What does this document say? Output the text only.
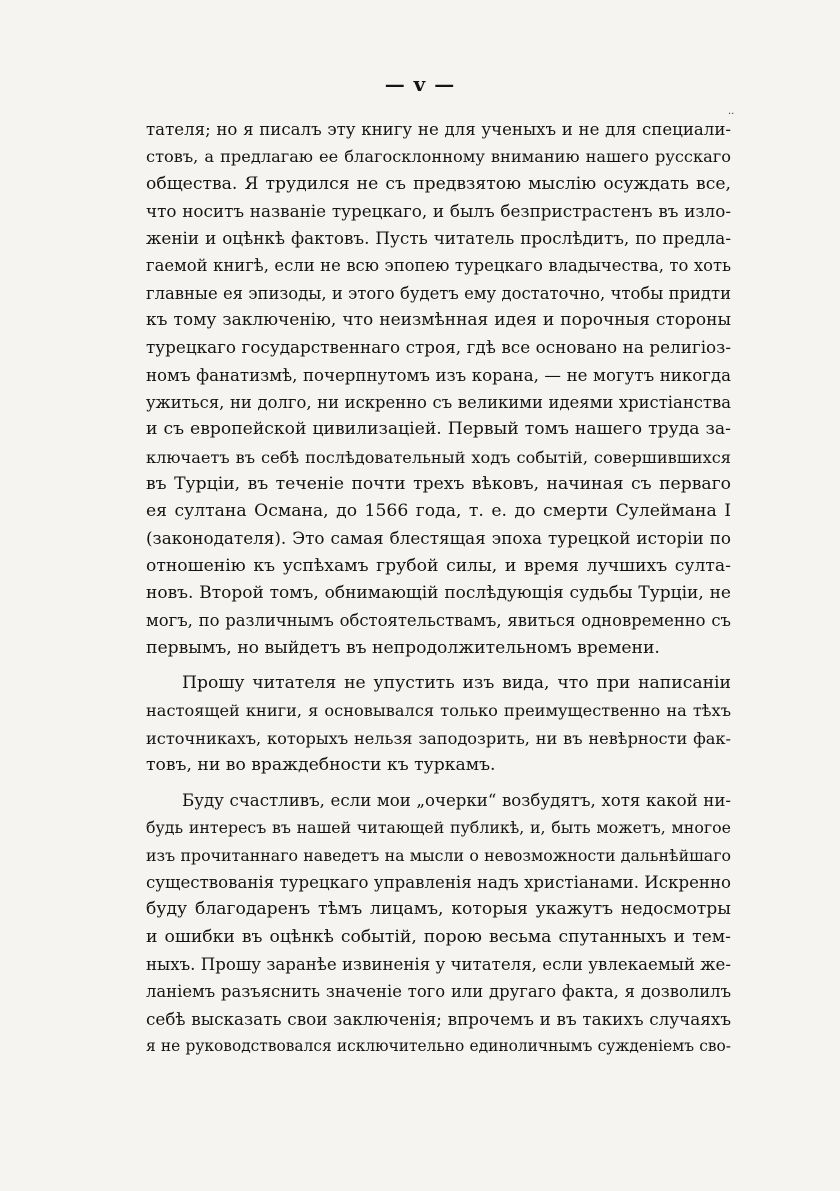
— v —
..
тателя; но я писалъ эту книгу не для ученыхъ и не для специали-
стовъ, а предлагаю ее благосклонному вниманию нашего русскаго
общества. Я трудился не съ предвзятою мыслію осуждать все,
что носитъ названіе турецкаго, и былъ безпристрастенъ въ изло-
женіи и оцѣнкѣ фактовъ. Пусть читатель прослѣдитъ, по предла-
гаемой книгѣ, если не всю эпопею турецкаго владычества, то хоть
главные ея эпизоды, и этого будетъ ему достаточно, чтобы придти
къ тому заключенію, что неизмѣнная идея и порочныя стороны
турецкаго государственнаго строя, гдѣ все основано на религіоз-
номъ фанатизмѣ, почерпнутомъ изъ корана, — не могутъ никогда
ужиться, ни долго, ни искренно съ великими идеями христіанства
и съ европейской цивилизаціей. Первый томъ нашего труда за-
ключаетъ въ себѣ послѣдовательный ходъ событій, совершившихся
въ Турціи, въ теченіе почти трехъ вѣковъ, начиная съ перваго
ея султана Османа, до 1566 года, т. е. до смерти Сулеймана I
(законодателя). Это самая блестящая эпоха турецкой исторіи по
отношенію къ успѣхамъ грубой силы, и время лучшихъ султа-
новъ. Второй томъ, обнимающій послѣдующія судьбы Турціи, не
могъ, по различнымъ обстоятельствамъ, явиться одновременно съ
первымъ, но выйдетъ въ непродолжительномъ времени.
Прошу читателя не упустить изъ вида, что при написаніи
настоящей книги, я основывался только преимущественно на тѣхъ
источникахъ, которыхъ нельзя заподозрить, ни въ невѣрности фак-
товъ, ни во враждебности къ туркамъ.
Буду счастливъ, если мои „очерки“ возбудятъ, хотя какой ни-
будь интересъ въ нашей читающей публикѣ, и, быть можетъ, многое
изъ прочитаннаго наведетъ на мысли о невозможности дальнѣйшаго
существованія турецкаго управленія надъ христіанами. Искренно
буду благодаренъ тѣмъ лицамъ, которыя укажутъ недосмотры
и ошибки въ оцѣнкѣ событій, порою весьма спутанныхъ и тем-
ныхъ. Прошу заранѣе извиненія у читателя, если увлекаемый же-
ланіемъ разъяснить значеніе того или другаго факта, я дозволилъ
себѣ высказать свои заключенія; впрочемъ и въ такихъ случаяхъ
я не руководствовался исключительно единоличнымъ сужденіемъ сво-
